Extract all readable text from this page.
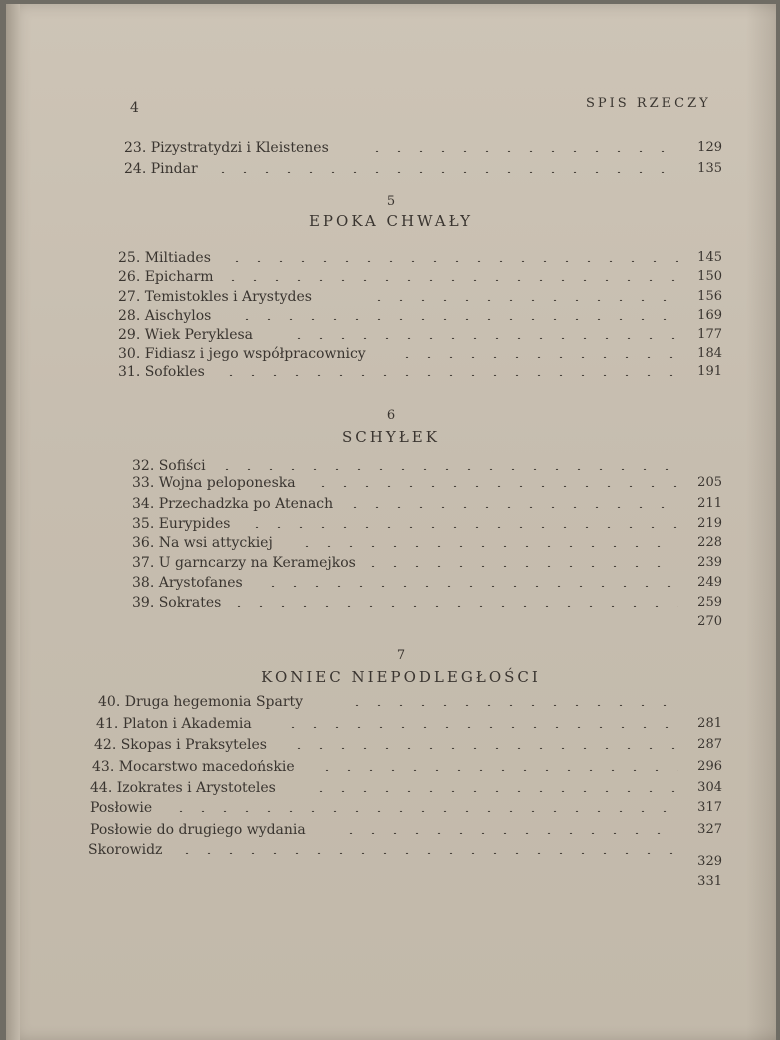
4	SPIS RZECZY
23. Pizystratydzi i Kleistenes	129
24. Pindar	135
5
EPOKA CHWAŁY
25. Miltiades	145
26. Epicharm	150
27. Temistokles i Arystydes	156
28. Aischylos	169
29. Wiek Peryklesa	177
30. Fidiasz i jego współpracownicy	184
31. Sofokles	191
6
SCHYŁEK
32. Sofiści
33. Wojna peloponeska	205
34. Przechadzka po Atenach	211
35. Eurypides	219
36. Na wsi attyckiej	228
37. U garncarzy na Keramejkos	239
38. Arystofanes	249
39. Sokrates	259
270
7
KONIEC NIEPODLEGŁOŚCI
40. Druga hegemonia Sparty
41. Platon i Akademia	281
42. Skopas i Praksyteles	287
43. Mocarstwo macedońskie	296
44. Izokrates i Arystoteles	304
Posłowie	317
Posłowie do drugiego wydania	327
Skorowidz
329
331
